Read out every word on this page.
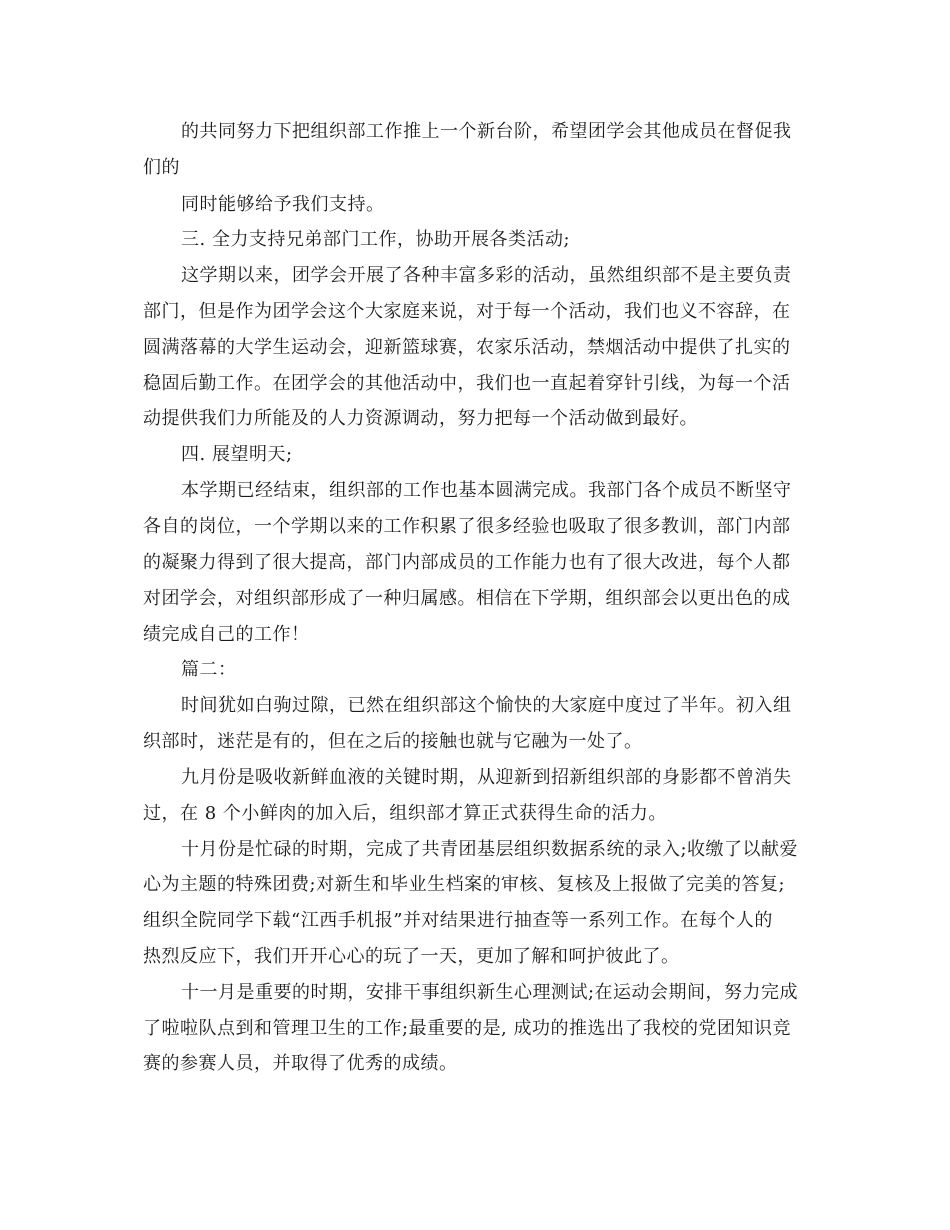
的共同努力下把组织部工作推上一个新台阶，希望团学会其他成员在督促我
们的
同时能够给予我们支持。
三. 全力支持兄弟部门工作，协助开展各类活动;
这学期以来，团学会开展了各种丰富多彩的活动，虽然组织部不是主要负责
部门，但是作为团学会这个大家庭来说，对于每一个活动，我们也义不容辞，在
圆满落幕的大学生运动会，迎新篮球赛，农家乐活动，禁烟活动中提供了扎实的
稳固后勤工作。在团学会的其他活动中，我们也一直起着穿针引线，为每一个活
动提供我们力所能及的人力资源调动，努力把每一个活动做到最好。
四. 展望明天;
本学期已经结束，组织部的工作也基本圆满完成。我部门各个成员不断坚守
各自的岗位，一个学期以来的工作积累了很多经验也吸取了很多教训，部门内部
的凝聚力得到了很大提高，部门内部成员的工作能力也有了很大改进，每个人都
对团学会，对组织部形成了一种归属感。相信在下学期，组织部会以更出色的成
绩完成自己的工作！
篇二：
时间犹如白驹过隙，已然在组织部这个愉快的大家庭中度过了半年。初入组
织部时，迷茫是有的，但在之后的接触也就与它融为一处了。
九月份是吸收新鲜血液的关键时期，从迎新到招新组织部的身影都不曾消失
过，在 8 个小鲜肉的加入后，组织部才算正式获得生命的活力。
十月份是忙碌的时期，完成了共青团基层组织数据系统的录入;收缴了以献爱
心为主题的特殊团费;对新生和毕业生档案的审核、复核及上报做了完美的答复;
组织全院同学下载“江西手机报”并对结果进行抽查等一系列工作。在每个人的
热烈反应下，我们开开心心的玩了一天，更加了解和呵护彼此了。
十一月是重要的时期，安排干事组织新生心理测试;在运动会期间，努力完成
了啦啦队点到和管理卫生的工作;最重要的是, 成功的推选出了我校的党团知识竞
赛的参赛人员，并取得了优秀的成绩。
